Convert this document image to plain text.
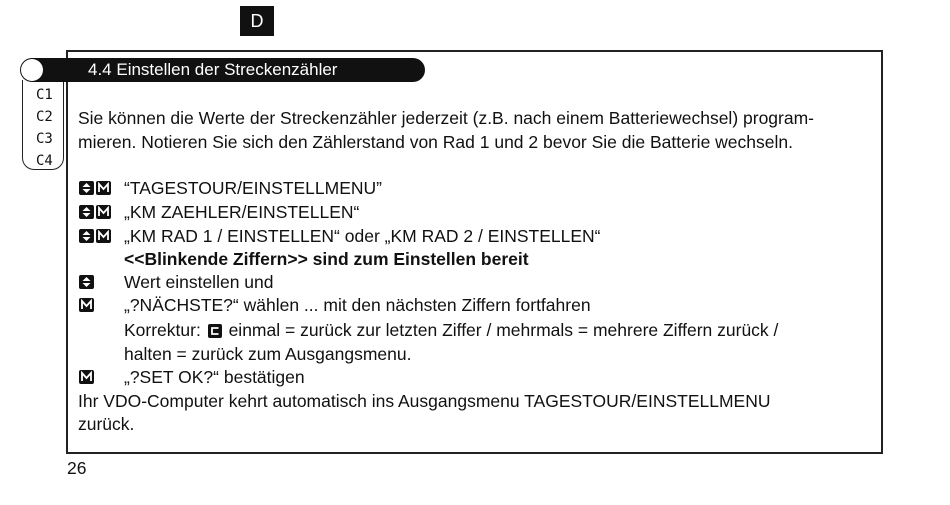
D
C1
C2
C3
C4
4.4 Einstellen der Streckenzähler
Sie können die Werte der Streckenzähler jederzeit (z.B. nach einem Batteriewechsel) program-
mieren. Notieren Sie sich den Zählerstand von Rad 1 und 2 bevor Sie die Batterie wechseln.
“TAGESTOUR/EINSTELLMENU”
„KM ZAEHLER/EINSTELLEN“
„KM RAD 1 / EINSTELLEN“ oder „KM RAD 2 / EINSTELLEN“
<<Blinkende Ziffern>> sind zum Einstellen bereit
Wert einstellen und
„?NÄCHSTE?“ wählen ... mit den nächsten Ziffern fortfahren
Korrektur: einmal = zurück zur letzten Ziffer / mehrmals = mehrere Ziffern zurück /
halten = zurück zum Ausgangsmenu.
„?SET OK?“ bestätigen
Ihr VDO-Computer kehrt automatisch ins Ausgangsmenu TAGESTOUR/EINSTELLMENU
zurück.
26
